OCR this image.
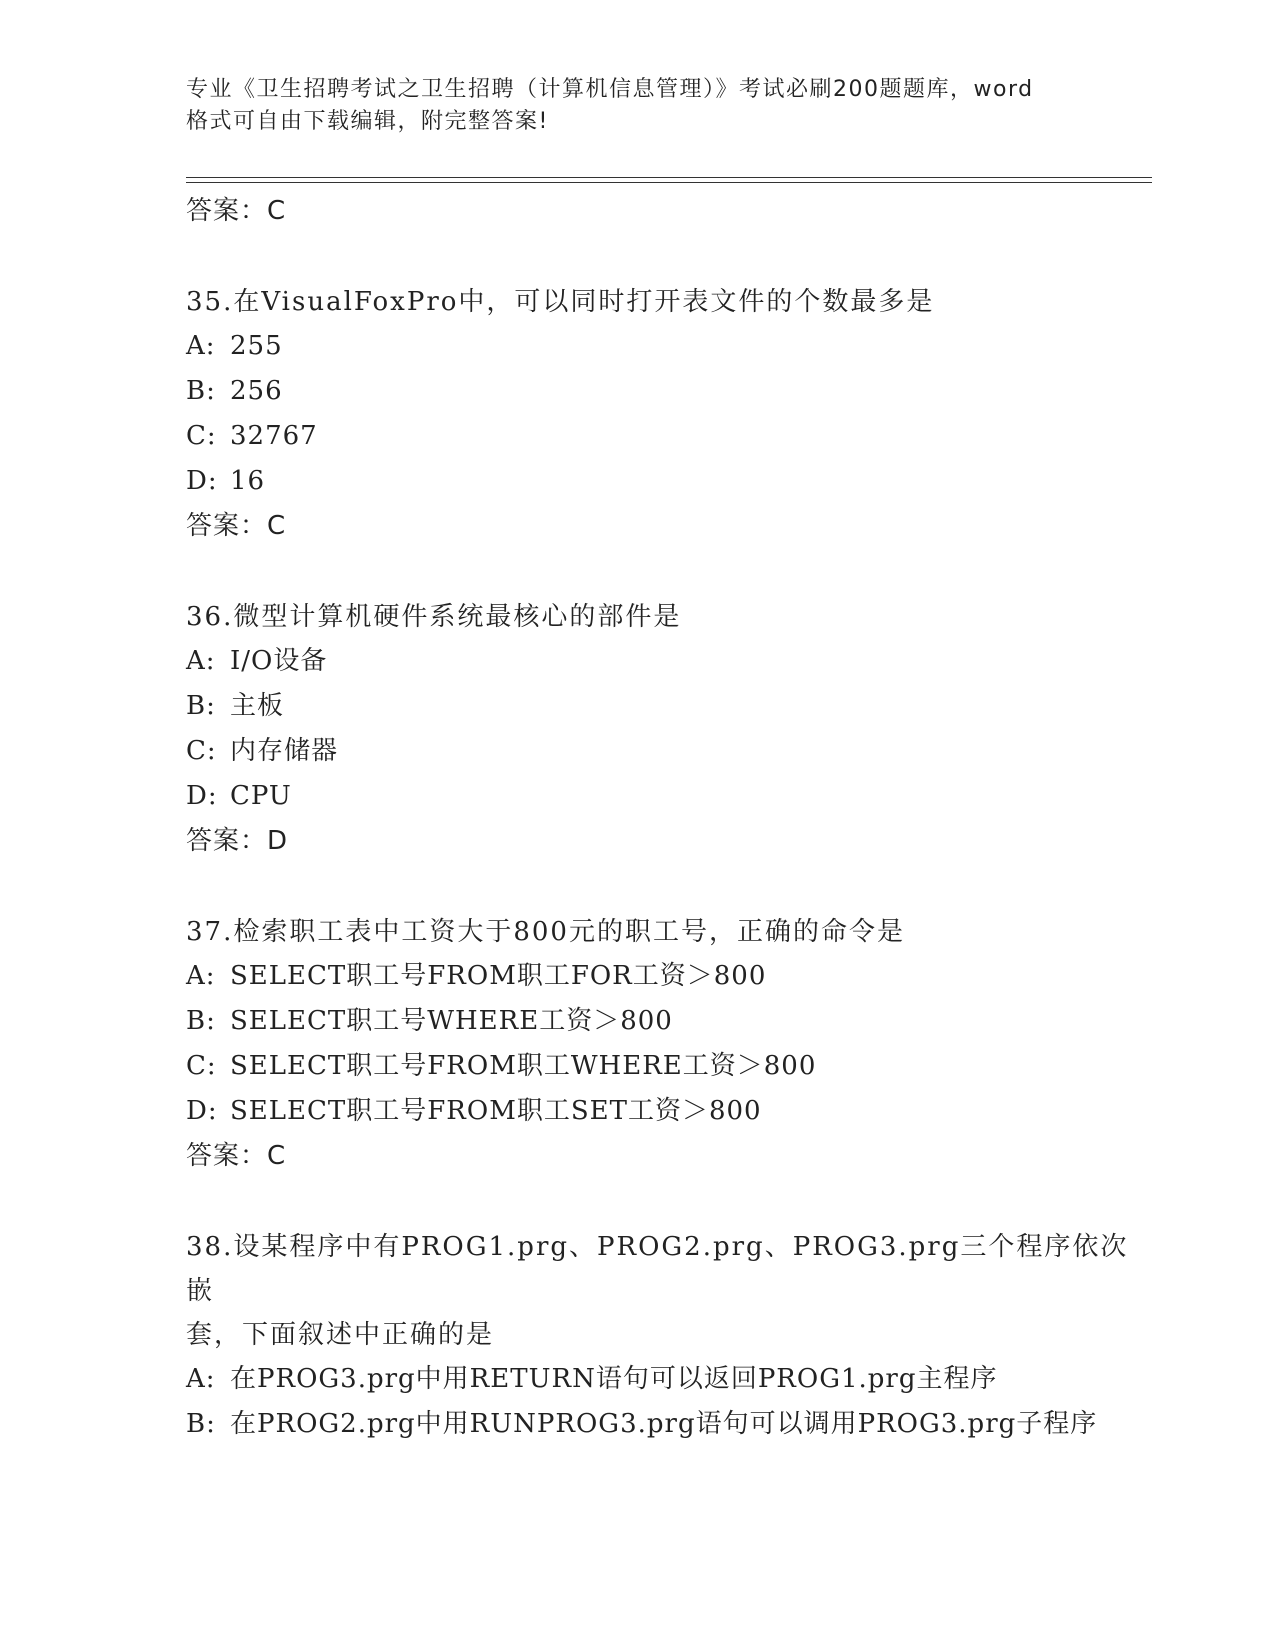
专业《卫生招聘考试之卫生招聘（计算机信息管理）》考试必刷200题题库，word
格式可自由下载编辑，附完整答案!
答案：C

35.在VisualFoxPro中，可以同时打开表文件的个数最多是

A: 255
B: 256
C: 32767
D: 16
答案：C

36.微型计算机硬件系统最核心的部件是

A: I/O设备
B: 主板
C: 内存储器
D: CPU
答案：D

37.检索职工表中工资大于800元的职工号，正确的命令是

A: SELECT职工号FROM职工FOR工资＞800
B: SELECT职工号WHERE工资＞800
C: SELECT职工号FROM职工WHERE工资＞800
D: SELECT职工号FROM职工SET工资＞800
答案：C

38.设某程序中有PROG1.prg、PROG2.prg、PROG3.prg三个程序依次嵌

套，下面叙述中正确的是

A: 在PROG3.prg中用RETURN语句可以返回PROG1.prg主程序
B: 在PROG2.prg中用RUNPROG3.prg语句可以调用PROG3.prg子程序
